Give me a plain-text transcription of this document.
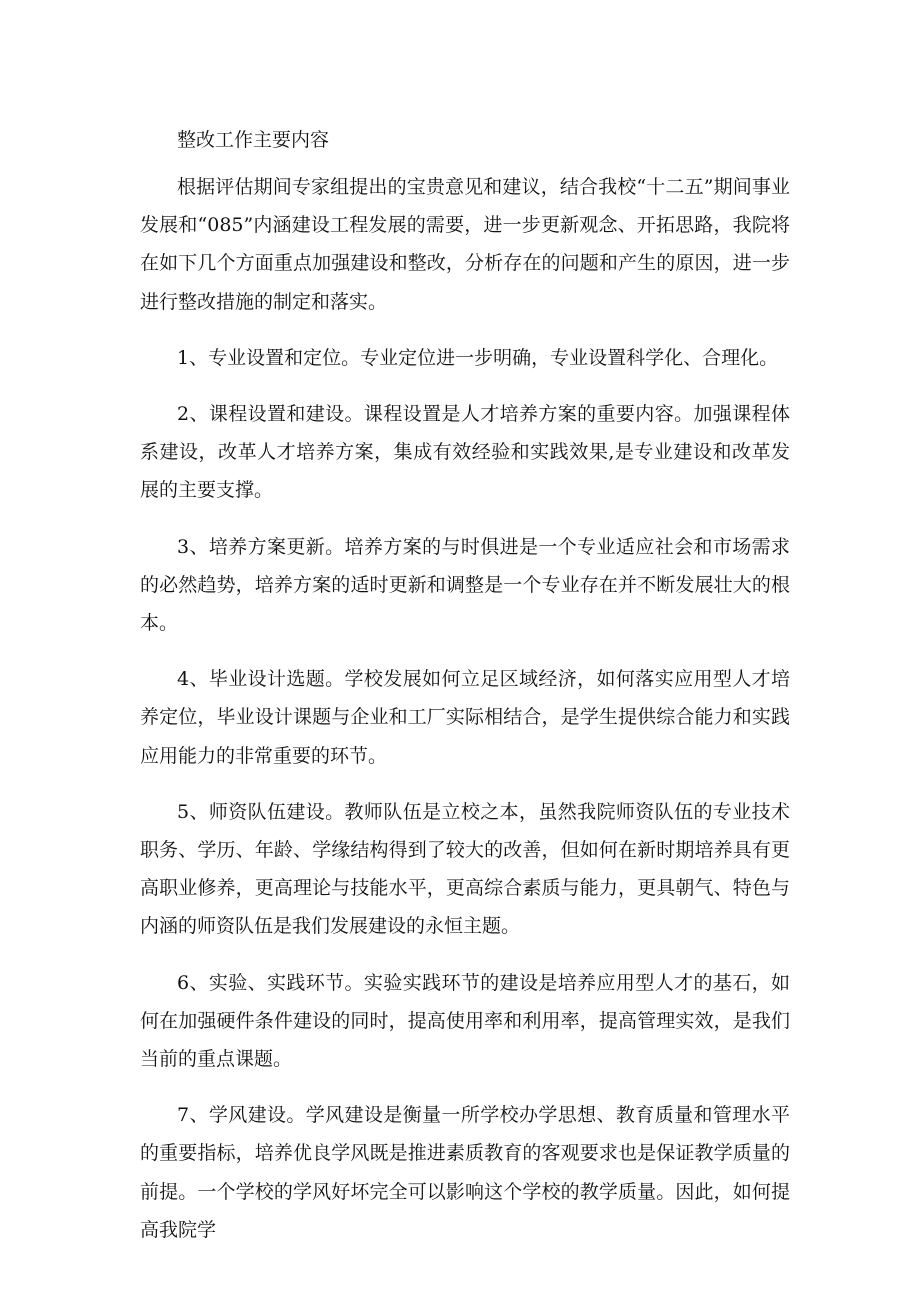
整改工作主要内容

根据评估期间专家组提出的宝贵意见和建议，结合我校“十二五”期间事业发展和“085”内涵建设工程发展的需要，进一步更新观念、开拓思路，我院将在如下几个方面重点加强建设和整改，分析存在的问题和产生的原因，进一步进行整改措施的制定和落实。

1、专业设置和定位。专业定位进一步明确，专业设置科学化、合理化。

2、课程设置和建设。课程设置是人才培养方案的重要内容。加强课程体系建设，改革人才培养方案，集成有效经验和实践效果,是专业建设和改革发展的主要支撑。

3、培养方案更新。培养方案的与时俱进是一个专业适应社会和市场需求的必然趋势，培养方案的适时更新和调整是一个专业存在并不断发展壮大的根本。

4、毕业设计选题。学校发展如何立足区域经济，如何落实应用型人才培养定位，毕业设计课题与企业和工厂实际相结合，是学生提供综合能力和实践应用能力的非常重要的环节。

5、师资队伍建设。教师队伍是立校之本，虽然我院师资队伍的专业技术职务、学历、年龄、学缘结构得到了较大的改善，但如何在新时期培养具有更高职业修养，更高理论与技能水平，更高综合素质与能力，更具朝气、特色与内涵的师资队伍是我们发展建设的永恒主题。

6、实验、实践环节。实验实践环节的建设是培养应用型人才的基石，如何在加强硬件条件建设的同时，提高使用率和利用率，提高管理实效，是我们当前的重点课题。

7、学风建设。学风建设是衡量一所学校办学思想、教育质量和管理水平的重要指标，培养优良学风既是推进素质教育的客观要求也是保证教学质量的前提。一个学校的学风好坏完全可以影响这个学校的教学质量。因此，如何提高我院学
